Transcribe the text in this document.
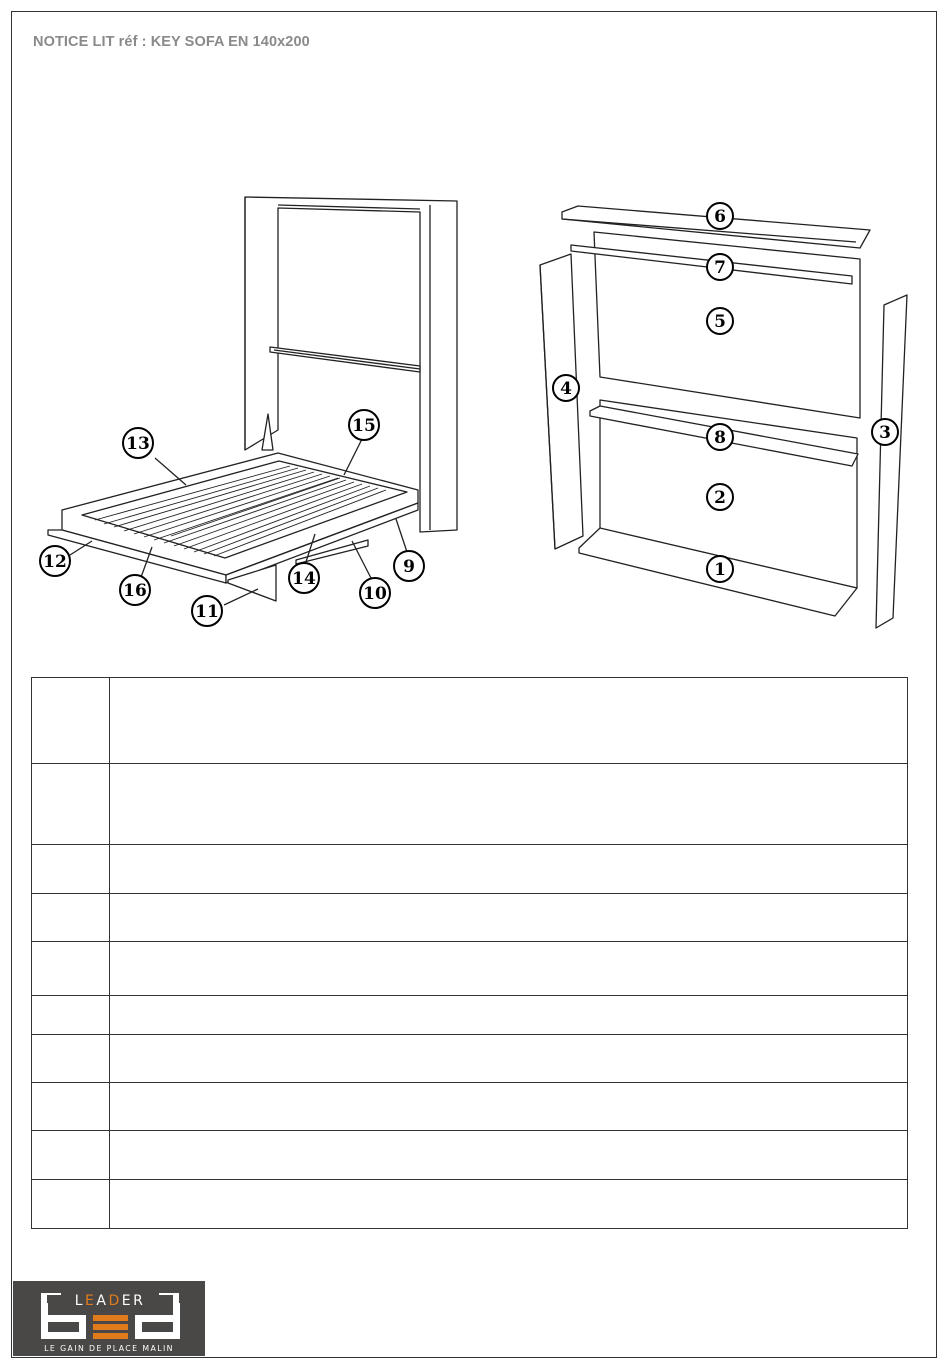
NOTICE LIT réf : KEY SOFA EN 140x200
13
15
12
16
11
14
10
9
6
7
5
4
8	3
2
1

LEADER
LE GAIN DE PLACE MALIN
